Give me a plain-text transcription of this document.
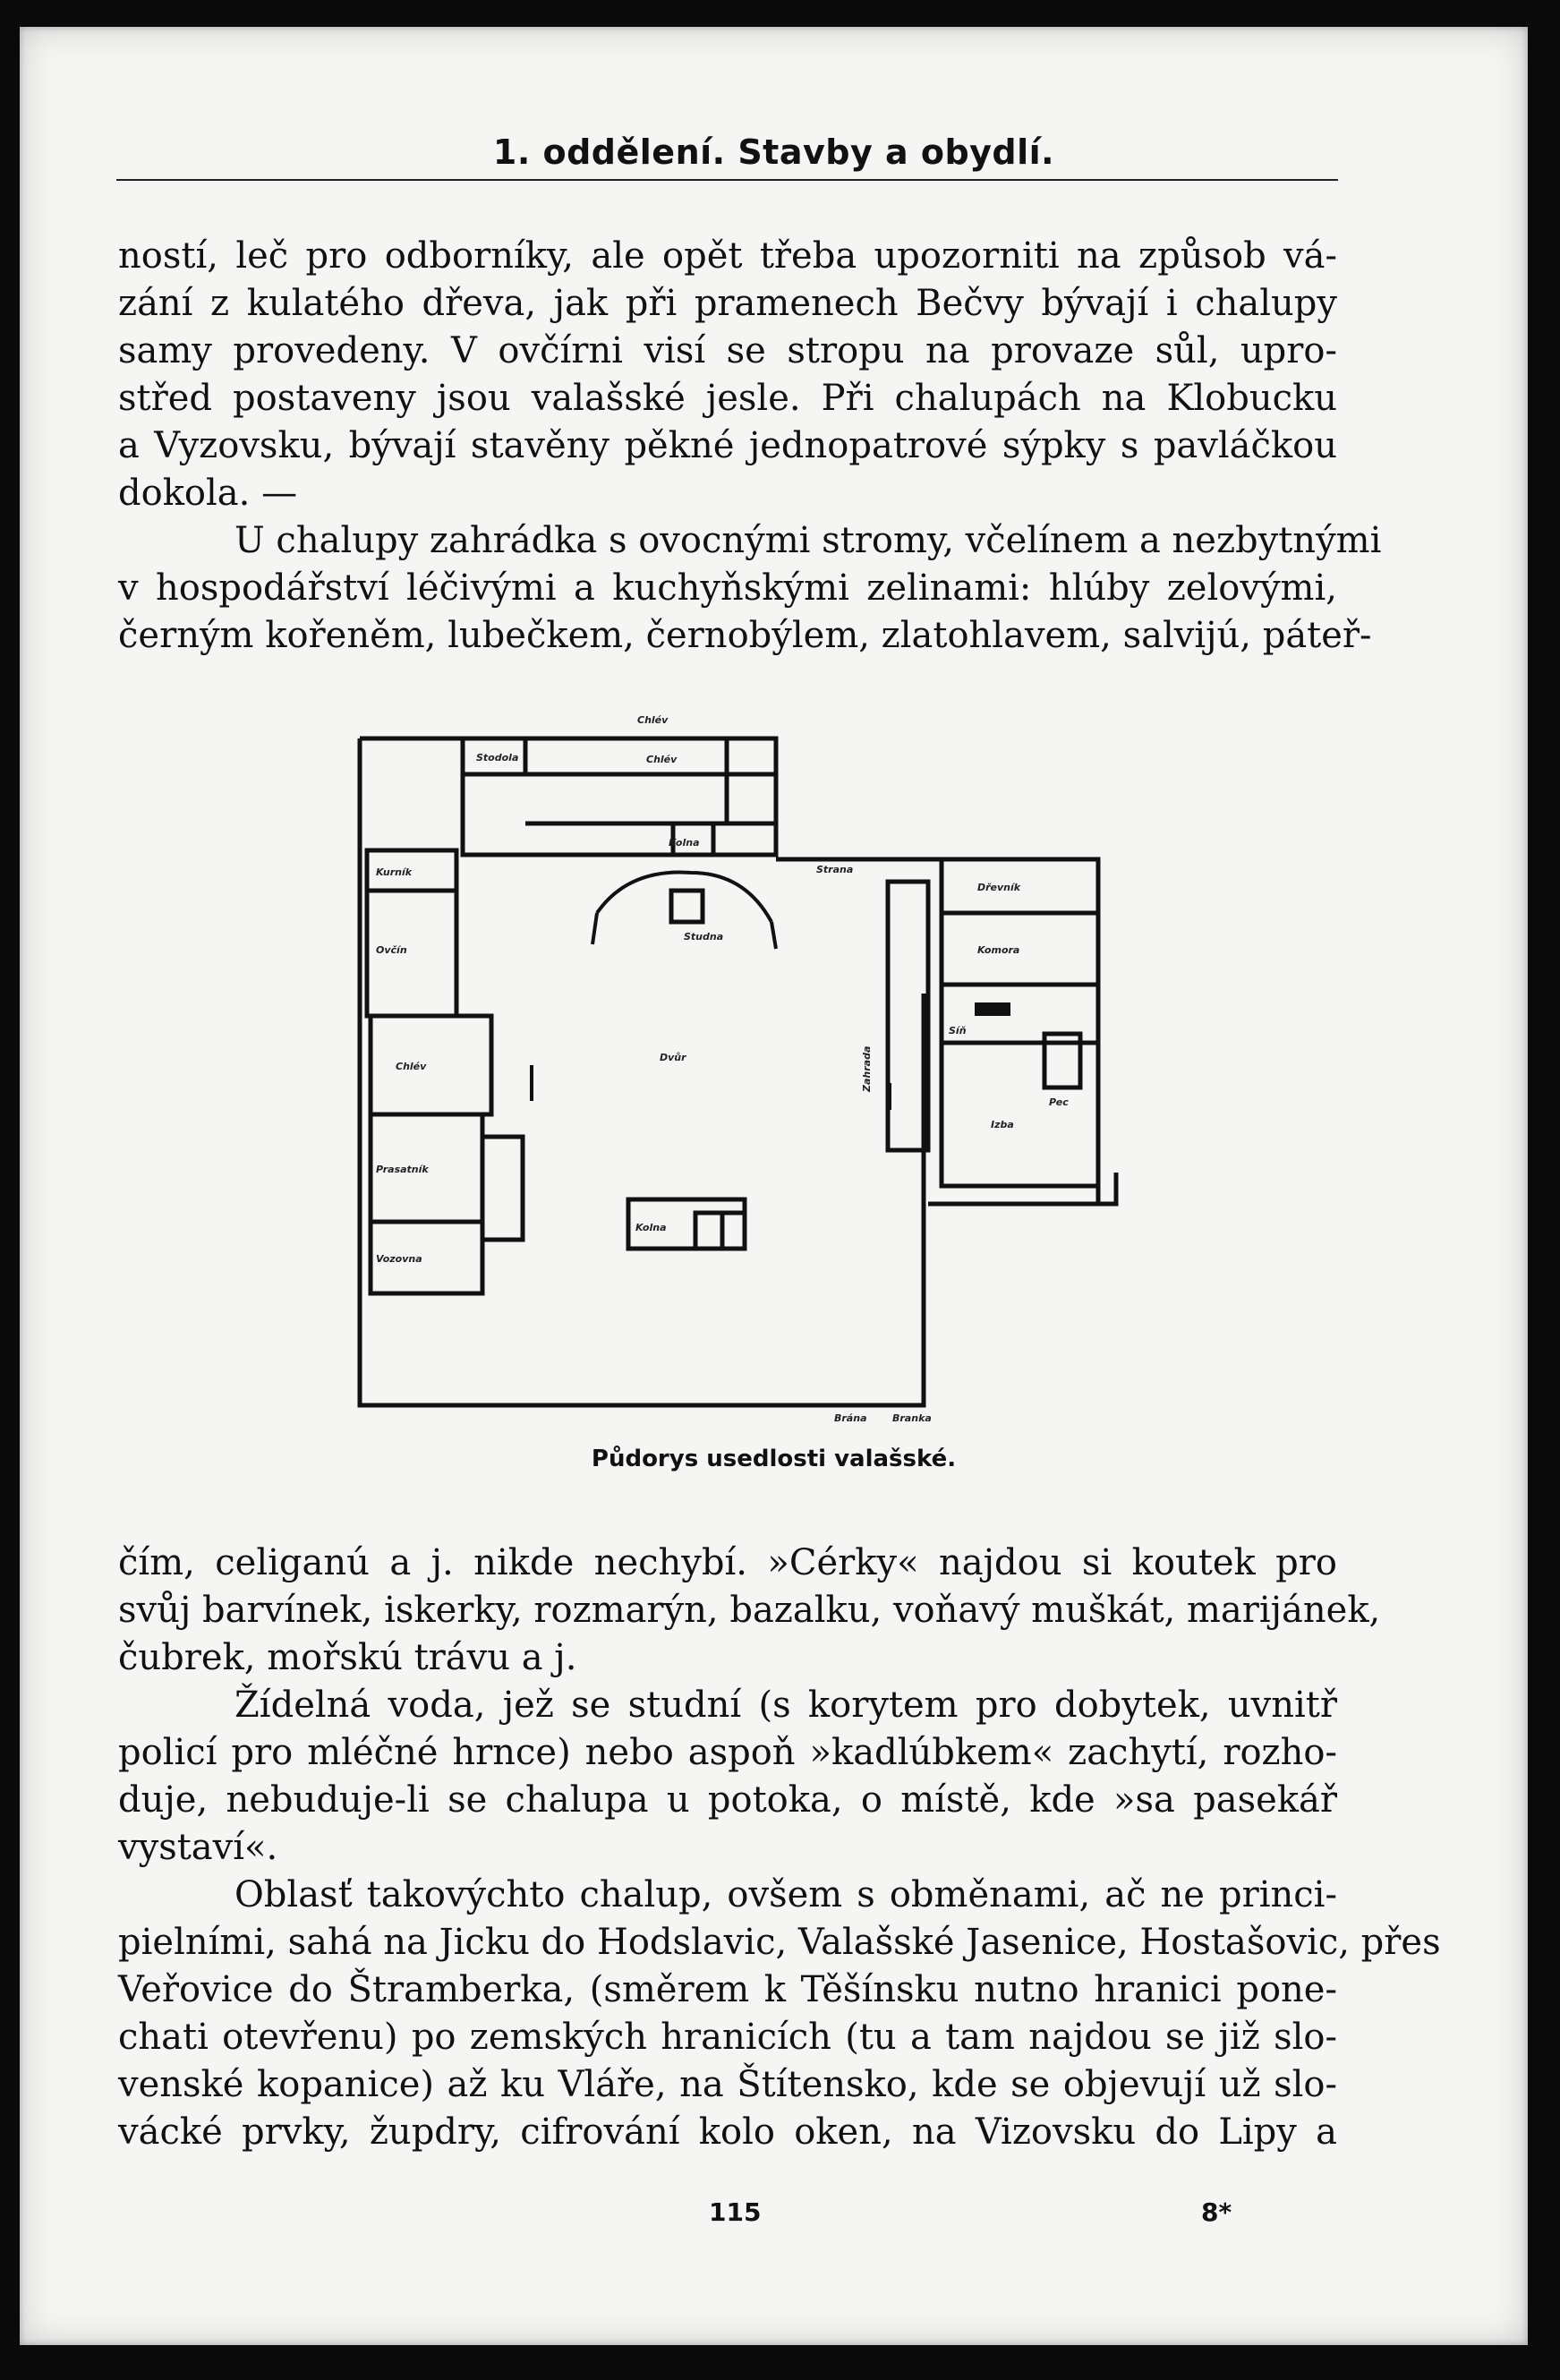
1. oddělení. Stavby a obydlí.
ností, leč pro odborníky, ale opět třeba upozorniti na způsob vá-
zání z kulatého dřeva, jak při pramenech Bečvy bývají i chalupy
samy provedeny. V ovčírni visí se stropu na provaze sůl, upro-
střed postaveny jsou valašské jesle. Při chalupách na Klobucku
a Vyzovsku, bývají stavěny pěkné jednopatrové sýpky s pavláčkou
dokola. —
U chalupy zahrádka s ovocnými stromy, včelínem a nezbytnými
v hospodářství léčivými a kuchyňskými zelinami: hlúby zelovými,
černým kořeněm, lubečkem, černobýlem, zlatohlavem, salvijú, páteř-
Chlév
Stodola	Chlév
Kolna
Strana
Kurník
Ovčín
Chlév
Prasatník
Vozovna
Dvůr
Studna
Dřevník
Komora
Síň
Izba
Pec
Kolna
Brána	Branka
Zahrada
Půdorys usedlosti valašské.
čím, celiganú a j. nikde nechybí. »Cérky« najdou si koutek pro
svůj barvínek, iskerky, rozmarýn, bazalku, voňavý muškát, marijánek,
čubrek, mořskú trávu a j.
Žídelná voda, jež se studní (s korytem pro dobytek, uvnitř
policí pro mléčné hrnce) nebo aspoň »kadlúbkem« zachytí, rozho-
duje, nebuduje-li se chalupa u potoka, o místě, kde »sa pasekář
vystaví«.
Oblasť takovýchto chalup, ovšem s obměnami, ač ne princi-
pielními, sahá na Jicku do Hodslavic, Valašské Jasenice, Hostašovic, přes
Veřovice do Štramberka, (směrem k Těšínsku nutno hranici pone-
chati otevřenu) po zemských hranicích (tu a tam najdou se již slo-
venské kopanice) až ku Vláře, na Štítensko, kde se objevují už slo-
vácké prvky, župdry, cifrování kolo oken, na Vizovsku do Lipy a
115	8*
